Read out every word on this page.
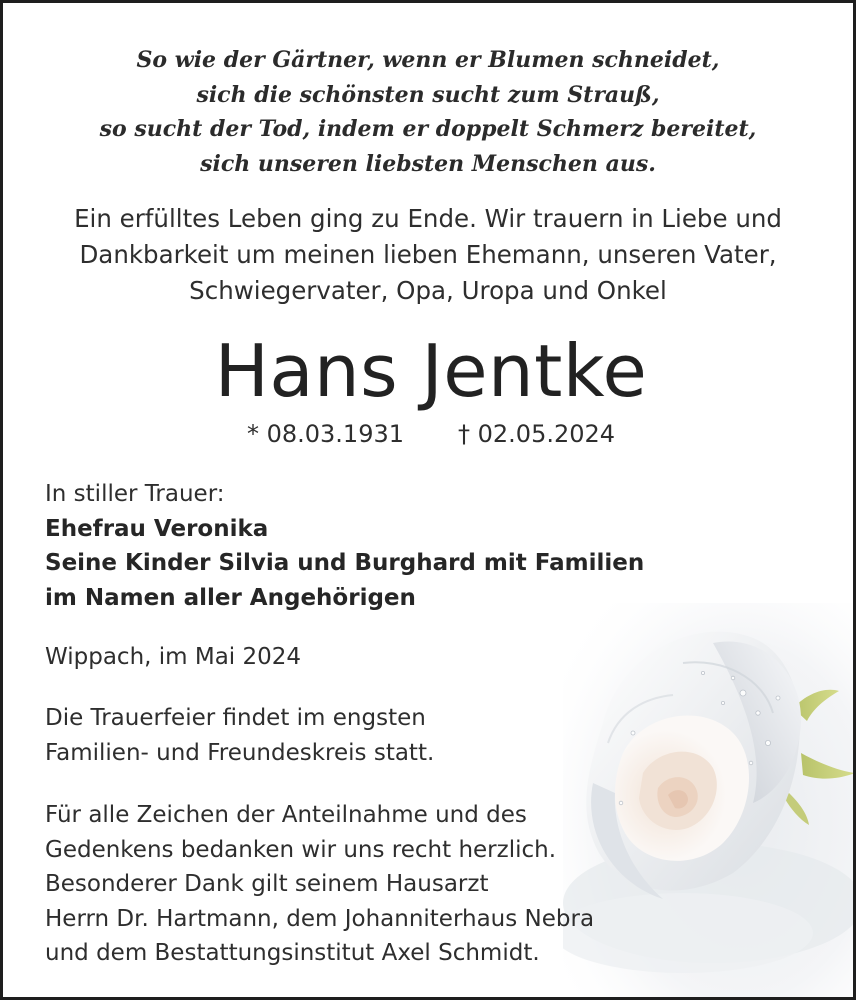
So wie der Gärtner, wenn er Blumen schneidet,
sich die schönsten sucht zum Strauß,
so sucht der Tod, indem er doppelt Schmerz bereitet,
sich unseren liebsten Menschen aus.
Ein erfülltes Leben ging zu Ende. Wir trauern in Liebe und
Dankbarkeit um meinen lieben Ehemann, unseren Vater,
Schwiegervater, Opa, Uropa und Onkel
Hans Jentke
* 08.03.1931 † 02.05.2024
In stiller Trauer:
Ehefrau Veronika
Seine Kinder Silvia und Burghard mit Familien
im Namen aller Angehörigen
Wippach, im Mai 2024
Die Trauerfeier findet im engsten
Familien- und Freundeskreis statt.
Für alle Zeichen der Anteilnahme und des
Gedenkens bedanken wir uns recht herzlich.
Besonderer Dank gilt seinem Hausarzt
Herrn Dr. Hartmann, dem Johanniterhaus Nebra
und dem Bestattungsinstitut Axel Schmidt.
